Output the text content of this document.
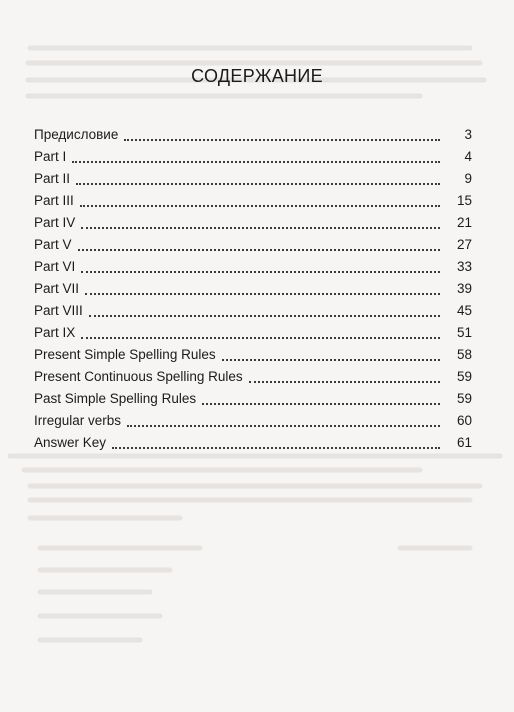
СОДЕРЖАНИЕ
Предисловие	3
Part I	4
Part II	9
Part III	15
Part IV	21
Part V	27
Part VI	33
Part VII	39
Part VIII	45
Part IX	51
Present Simple Spelling Rules	58
Present Continuous Spelling Rules	59
Past Simple Spelling Rules	59
Irregular verbs	60
Answer Key	61
